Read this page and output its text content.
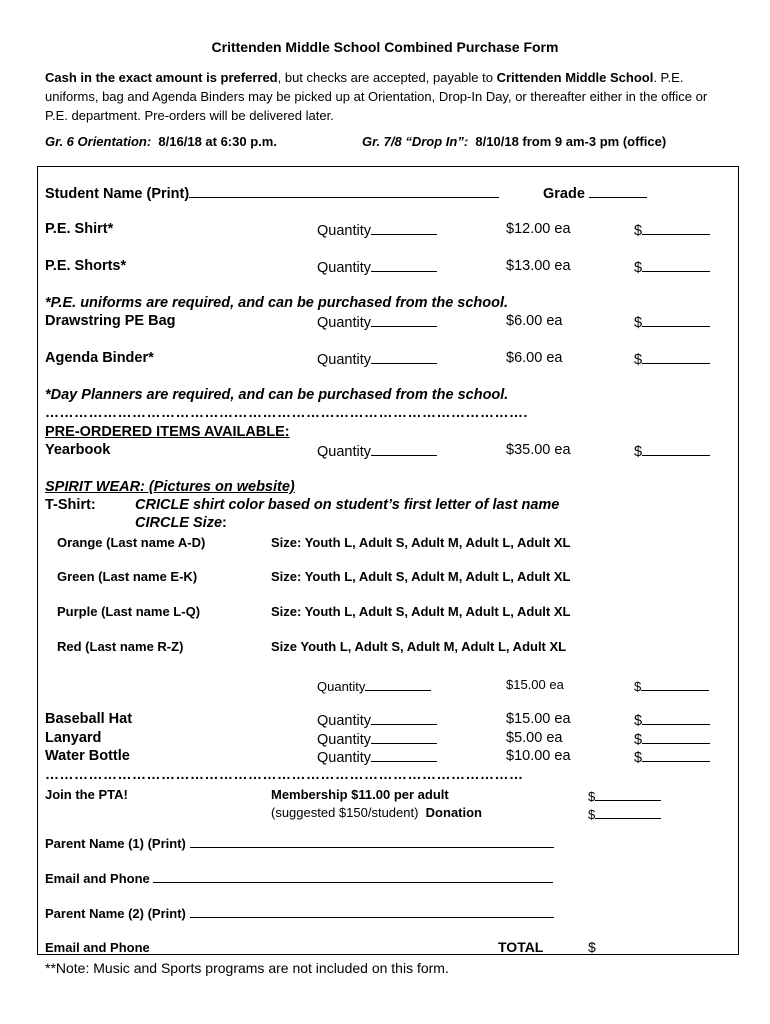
Crittenden Middle School Combined Purchase Form
Cash in the exact amount is preferred, but checks are accepted, payable to Crittenden Middle School. P.E. uniforms, bag and Agenda Binders may be picked up at Orientation, Drop-In Day, or thereafter either in the office or P.E. department. Pre-orders will be delivered later.
Gr. 6 Orientation: 8/16/18 at 6:30 p.m.	Gr. 7/8 “Drop In”: 8/10/18 from 9 am-3 pm (office)
Student Name (Print)	Grade
P.E. Shirt*	Quantity	$12.00 ea	$
P.E. Shorts*	Quantity	$13.00 ea	$
*P.E. uniforms are required, and can be purchased from the school.
Drawstring PE Bag	Quantity	$6.00 ea	$
Agenda Binder*	Quantity	$6.00 ea	$
*Day Planners are required, and can be purchased from the school.
……………………………………………………………………………………….
PRE-ORDERED ITEMS AVAILABLE:
Yearbook	Quantity	$35.00 ea	$
SPIRIT WEAR: (Pictures on website)
T-Shirt:	CRICLE shirt color based on student’s first letter of last name
CIRCLE Size:
Orange (Last name A-D)	Size: Youth L, Adult S, Adult M, Adult L, Adult XL
Green (Last name E-K)	Size: Youth L, Adult S, Adult M, Adult L, Adult XL
Purple (Last name L-Q)	Size: Youth L, Adult S, Adult M, Adult L, Adult XL
Red (Last name R-Z)	Size Youth L, Adult S, Adult M, Adult L, Adult XL
Quantity	$15.00 ea	$
Baseball Hat	Quantity	$15.00 ea	$
Lanyard	Quantity	$5.00 ea	$
Water Bottle	Quantity	$10.00 ea	$
………………………………………………………………………………………
Join the PTA!	Membership $11.00 per adult	$
(suggested $150/student) Donation	$
Parent Name (1) (Print)
Email and Phone
Parent Name (2) (Print)
Email and Phone	TOTAL	$
**Note: Music and Sports programs are not included on this form.
